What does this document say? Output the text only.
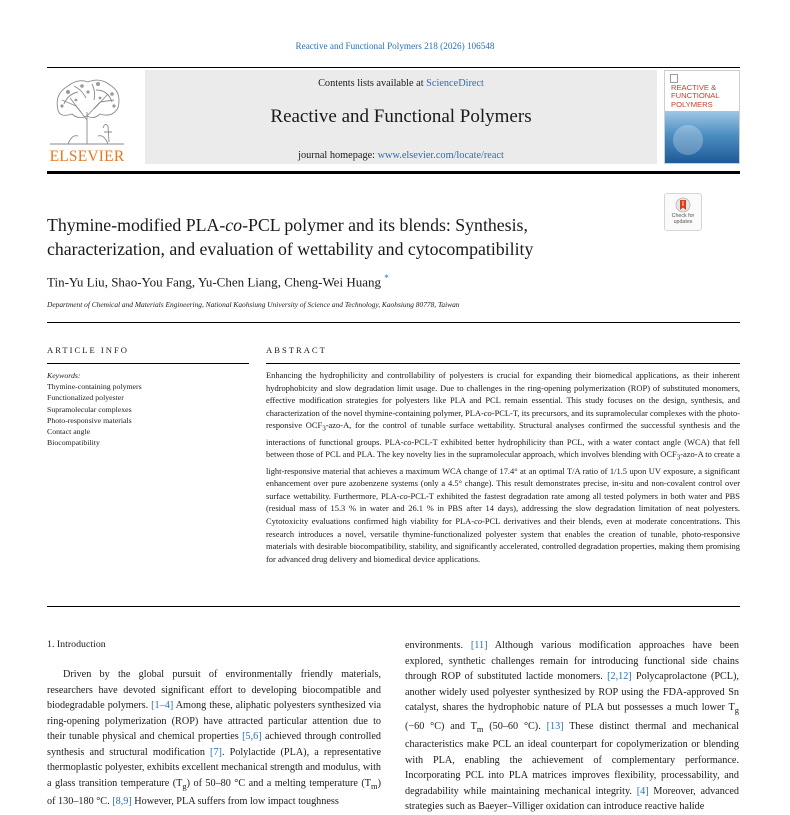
Reactive and Functional Polymers 218 (2026) 106548
ELSEVIER
Contents lists available at ScienceDirect
Reactive and Functional Polymers
journal homepage: www.elsevier.com/locate/react
REACTIVE &
FUNCTIONAL
POLYMERS
Thymine-modified PLA-co-PCL polymer and its blends: Synthesis,
characterization, and evaluation of wettability and cytocompatibility
Check for
updates
Tin-Yu Liu, Shao-You Fang, Yu-Chen Liang, Cheng-Wei Huang *
Department of Chemical and Materials Engineering, National Kaohsiung University of Science and Technology, Kaohsiung 80778, Taiwan
ARTICLE INFO	ABSTRACT
Keywords:
Thymine-containing polymers
Functionalized polyester
Supramolecular complexes
Photo-responsive materials
Contact angle
Biocompatibility
Enhancing the hydrophilicity and controllability of polyesters is crucial for expanding their biomedical applications, as their inherent hydrophobicity and slow degradation limit usage. Due to challenges in the ring-opening polymerization (ROP) of substituted monomers, effective modification strategies for polyesters like PLA and PCL remain essential. This study focuses on the design, synthesis, and characterization of the novel thymine-containing polymer, PLA-co-PCL-T, its precursors, and its supramolecular complexes with the photo-responsive $OCF_3-azo-A$, for the control of tunable surface wettability. Structural analyses confirmed the successful synthesis and the interactions of functional groups. PLA-co-PCL-T exhibited better hydrophilicity than PCL, with a water contact angle (WCA) that fell between those of PCL and PLA. The key novelty lies in the supramolecular approach, which involves blending with $OCF_3-azo-A$ to create a light-responsive material that achieves a maximum WCA change of 17.4° at an optimal T/A ratio of 1/1.5 upon UV exposure, a significant enhancement over pure azobenzene systems (only a 4.5° change). This result demonstrates precise, in-situ and non-covalent control over surface wettability. Furthermore, PLA-co-PCL-T exhibited the fastest degradation rate among all tested polymers in both water and PBS (residual mass of 15.3 % in water and 26.1 % in PBS after 14 days), addressing the slow degradation limitation of neat polyesters. Cytotoxicity evaluations confirmed high viability for PLA-co-PCL derivatives and their blends, even at moderate concentrations. This research introduces a novel, versatile thymine-functionalized polyester system that enables the creation of tunable, photo-responsive materials with desirable biocompatibility, stability, and significantly accelerated, controlled degradation properties, making them promising for advanced drug delivery and biomedical device applications.
1. Introduction
Driven by the global pursuit of environmentally friendly materials, researchers have devoted significant effort to developing biocompatible and biodegradable polymers. [1–4] Among these, aliphatic polyesters synthesized via ring-opening polymerization (ROP) have attracted particular attention due to their tunable physical and chemical properties [5,6] achieved through controlled synthesis and structural modification [7]. Polylactide (PLA), a representative thermoplastic polyester, exhibits excellent mechanical strength and modulus, with a glass transition temperature $(T_g)$ of 50–80 °C and a melting temperature $(T_m)$ of 130–180 °C. [8,9] However, PLA suffers from low impact toughness
environments. [11] Although various modification approaches have been explored, synthetic challenges remain for introducing functional side chains through ROP of substituted lactide monomers. [2,12] Polycaprolactone (PCL), another widely used polyester synthesized by ROP using the FDA-approved Sn catalyst, shares the hydrophobic nature of PLA but possesses a much lower $T_g$ (−60 °C) and $T_m$ (50–60 °C). [13] These distinct thermal and mechanical characteristics make PCL an ideal counterpart for copolymerization or blending with PLA, enabling the achievement of complementary performance. Incorporating PCL into PLA matrices improves flexibility, processability, and degradability while maintaining mechanical integrity. [4] Moreover, advanced strategies such as Baeyer–Villiger oxidation can introduce reactive halide
